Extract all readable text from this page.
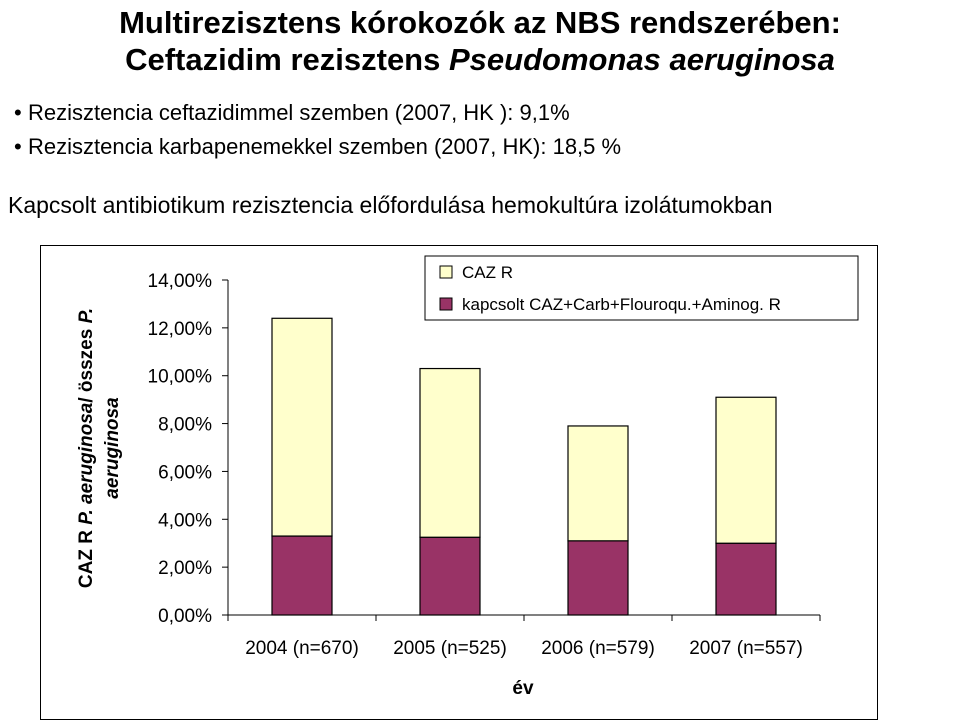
Multirezisztens kórokozók az NBS rendszerében:
Ceftazidim rezisztens Pseudomonas aeruginosa
• Rezisztencia ceftazidimmel szemben (2007, HK ): 9,1%
• Rezisztencia karbapenemekkel szemben (2007, HK): 18,5 %
Kapcsolt antibiotikum rezisztencia előfordulása hemokultúra izolátumokban
CAZ R P. aeruginosa/ összes P.
aeruginosa
0,00%
2,00%
4,00%
6,00%
8,00%
10,00%
12,00%
14,00%
2004 (n=670) 2005 (n=525) 2006 (n=579) 2007 (n=557)
év
CAZ R
kapcsolt CAZ+Carb+Flouroqu.+Aminog. R
